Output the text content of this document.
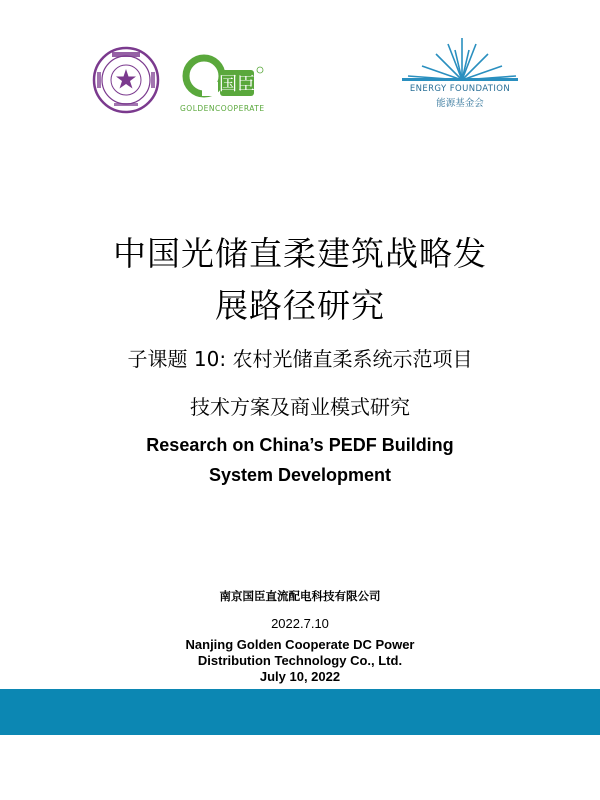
国臣
GOLDENCOOPERATE
ENERGY FOUNDATION
能源基金会
中国光储直柔建筑战略发
展路径研究
子课题 10: 农村光储直柔系统示范项目
技术方案及商业模式研究
Research on China’s PEDF Building
System Development
南京国臣直流配电科技有限公司
2022.7.10
Nanjing Golden Cooperate DC Power
Distribution Technology Co., Ltd.
July 10, 2022
